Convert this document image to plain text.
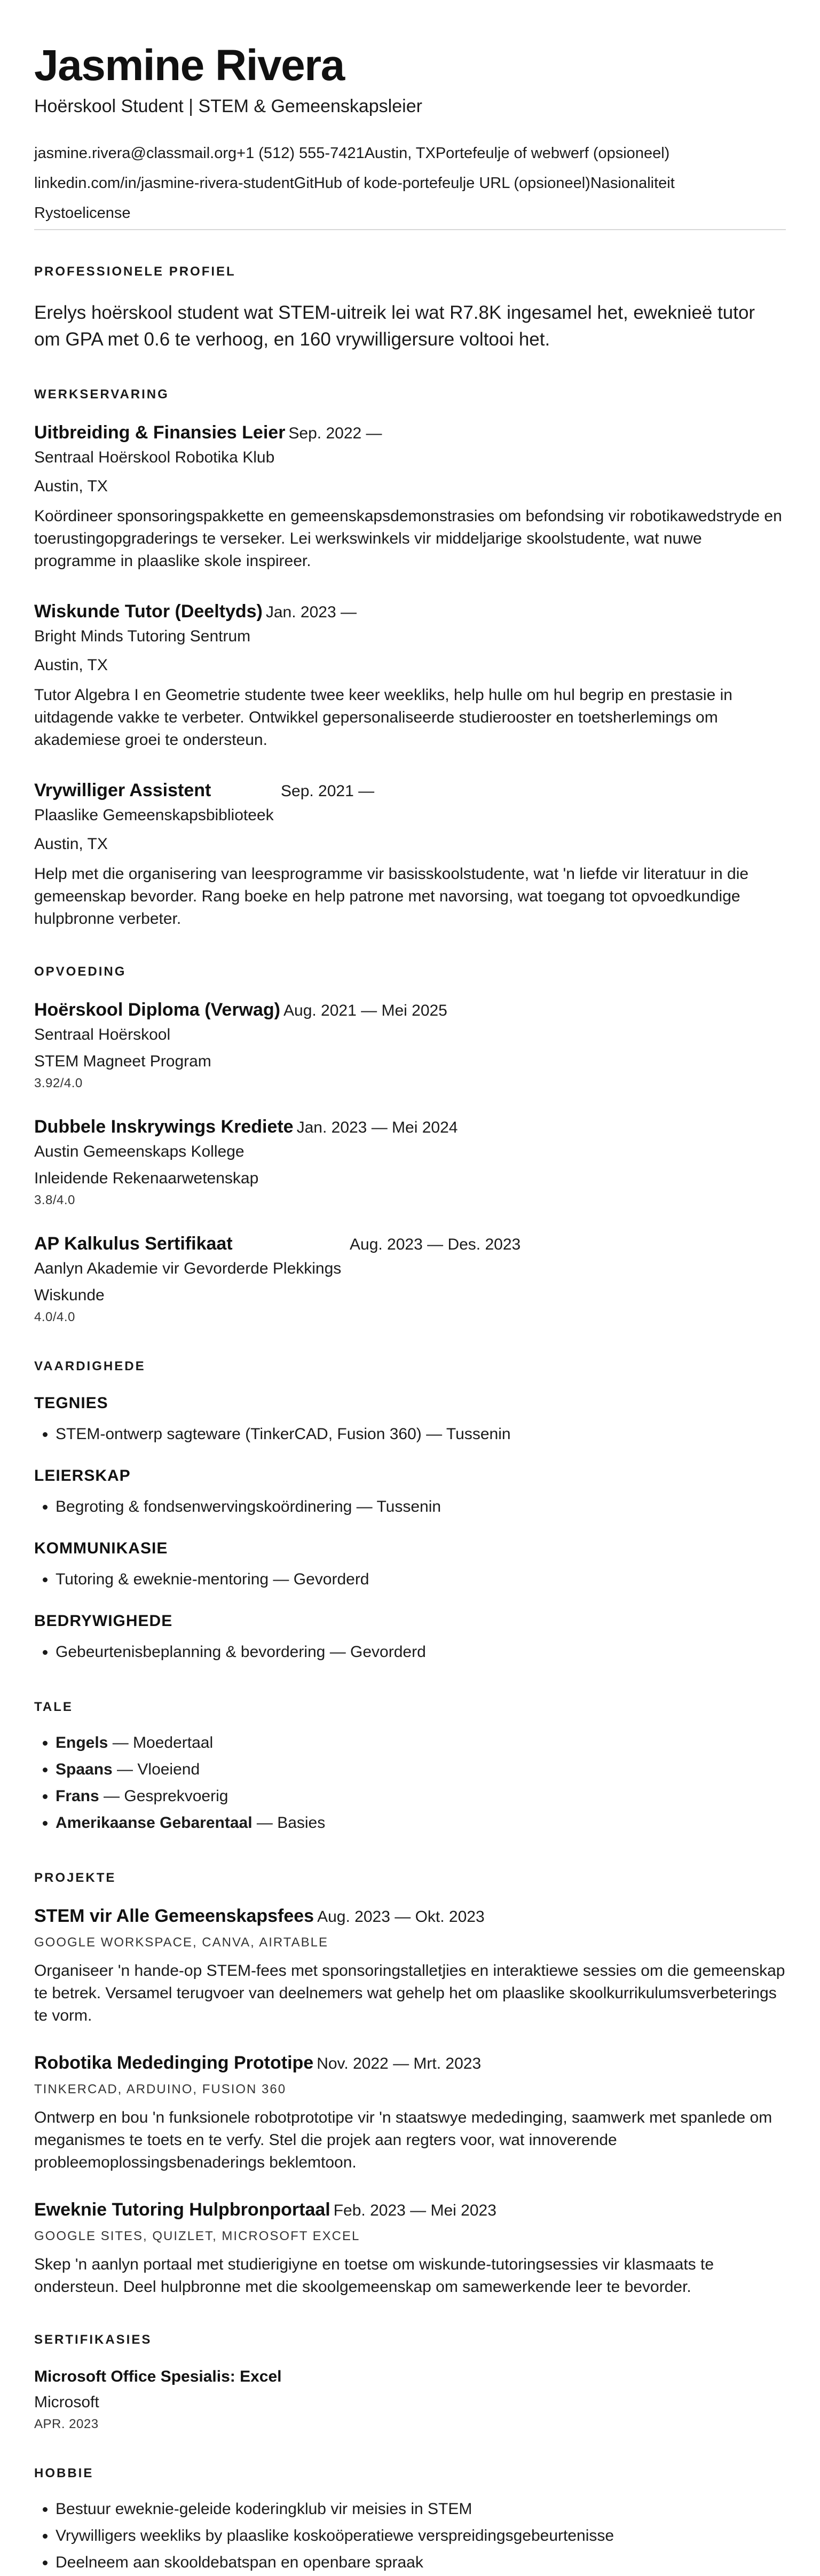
Jasmine Rivera
Hoërskool Student | STEM & Gemeenskapsleier
jasmine.rivera@classmail.org+1 (512) 555-7421Austin, TXPortefeulje of webwerf (opsioneel)
linkedin.com/in/jasmine-rivera-studentGitHub of kode-portefeulje URL (opsioneel)Nasionaliteit
Rystoelicense
PROFESSIONELE PROFIEL
Erelys hoërskool student wat STEM-uitreik lei wat R7.8K ingesamel het, eweknieë tutor om GPA met 0.6 te verhoog, en 160 vrywilligersure voltooi het.
WERKSERVARING
Uitbreiding & Finansies Leier Sep. 2022 —
Sentraal Hoërskool Robotika Klub
Austin, TX
Koördineer sponsoringspakkette en gemeenskapsdemonstrasies om befondsing vir robotikawedstryde en toerustingopgraderings te verseker. Lei werkswinkels vir middeljarige skoolstudente, wat nuwe programme in plaaslike skole inspireer.
Wiskunde Tutor (Deeltyds) Jan. 2023 —
Bright Minds Tutoring Sentrum
Austin, TX
Tutor Algebra I en Geometrie studente twee keer weekliks, help hulle om hul begrip en prestasie in uitdagende vakke te verbeter. Ontwikkel gepersonaliseerde studierooster en toetsherlemings om akademiese groei te ondersteun.
Vrywilliger Assistent	Sep. 2021 —
Plaaslike Gemeenskapsbiblioteek
Austin, TX
Help met die organisering van leesprogramme vir basisskoolstudente, wat 'n liefde vir literatuur in die gemeenskap bevorder. Rang boeke en help patrone met navorsing, wat toegang tot opvoedkundige hulpbronne verbeter.
OPVOEDING
Hoërskool Diploma (Verwag) Aug. 2021 — Mei 2025
Sentraal Hoërskool
STEM Magneet Program
3.92/4.0
Dubbele Inskrywings Krediete Jan. 2023 — Mei 2024
Austin Gemeenskaps Kollege
Inleidende Rekenaarwetenskap
3.8/4.0
AP Kalkulus Sertifikaat	Aug. 2023 — Des. 2023
Aanlyn Akademie vir Gevorderde Plekkings
Wiskunde
4.0/4.0
VAARDIGHEDE
TEGNIES
• STEM-ontwerp sagteware (TinkerCAD, Fusion 360) — Tussenin
LEIERSKAP
• Begroting & fondsenwervingskoördinering — Tussenin
KOMMUNIKASIE
• Tutoring & eweknie-mentoring — Gevorderd
BEDRYWIGHEDE
• Gebeurtenisbeplanning & bevordering — Gevorderd
TALE
• Engels — Moedertaal
• Spaans — Vloeiend
• Frans — Gesprekvoerig
• Amerikaanse Gebarentaal — Basies
PROJEKTE
STEM vir Alle Gemeenskapsfees Aug. 2023 — Okt. 2023
GOOGLE WORKSPACE, CANVA, AIRTABLE
Organiseer 'n hande-op STEM-fees met sponsoringstalletjies en interaktiewe sessies om die gemeenskap te betrek. Versamel terugvoer van deelnemers wat gehelp het om plaaslike skoolkurrikulumsverbeterings te vorm.
Robotika Mededinging Prototipe Nov. 2022 — Mrt. 2023
TINKERCAD, ARDUINO, FUSION 360
Ontwerp en bou 'n funksionele robotprototipe vir 'n staatswye mededinging, saamwerk met spanlede om meganismes te toets en te verfy. Stel die projek aan regters voor, wat innoverende probleemoplossingsbenaderings beklemtoon.
Eweknie Tutoring Hulpbronportaal Feb. 2023 — Mei 2023
GOOGLE SITES, QUIZLET, MICROSOFT EXCEL
Skep 'n aanlyn portaal met studierigiyne en toetse om wiskunde-tutoringsessies vir klasmaats te ondersteun. Deel hulpbronne met die skoolgemeenskap om samewerkende leer te bevorder.
SERTIFIKASIES
Microsoft Office Spesialis: Excel
Microsoft
APR. 2023
HOBBIE
• Bestuur eweknie-geleide koderingklub vir meisies in STEM
• Vrywilligers weekliks by plaaslike koskoöperatiewe verspreidingsgebeurtenisse
• Deelneem aan skooldebatspan en openbare spraak
